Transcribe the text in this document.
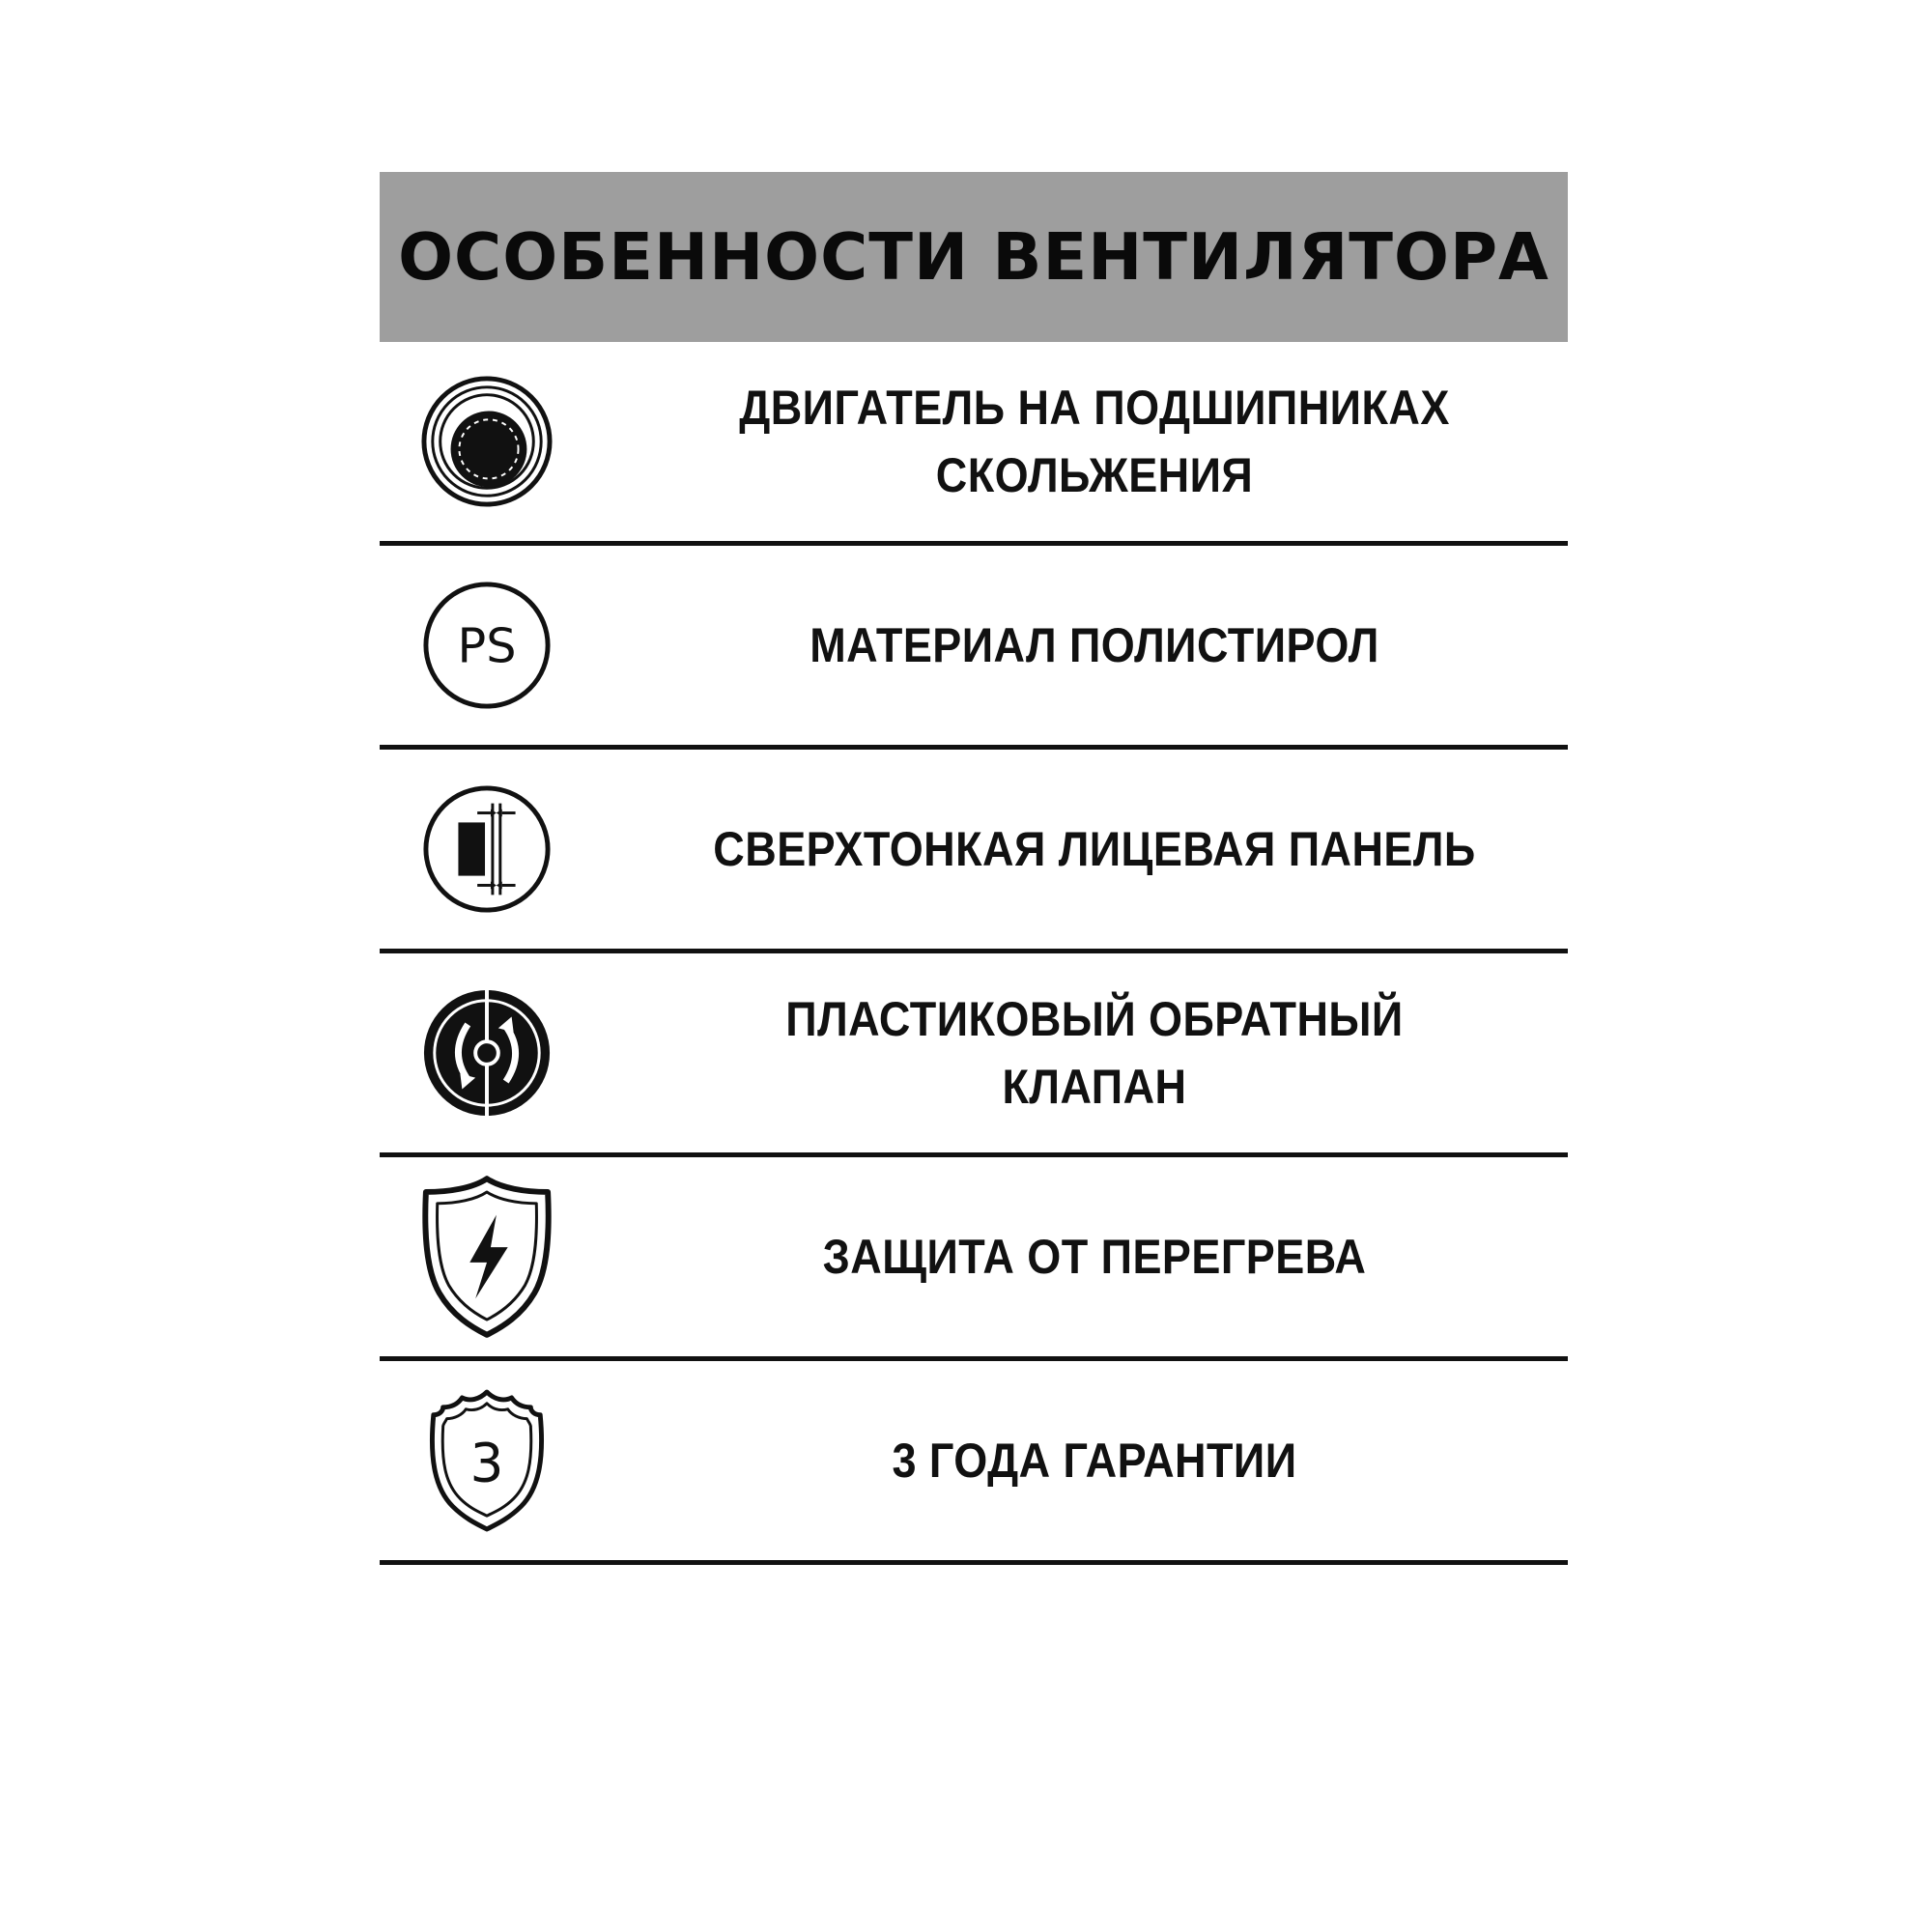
ОСОБЕННОСТИ ВЕНТИЛЯТОРА
ДВИГАТЕЛЬ НА ПОДШИПНИКАХ
СКОЛЬЖЕНИЯ
PS	МАТЕРИАЛ ПОЛИСТИРОЛ
СВЕРХТОНКАЯ ЛИЦЕВАЯ ПАНЕЛЬ
ПЛАСТИКОВЫЙ ОБРАТНЫЙ КЛАПАН
ЗАЩИТА ОТ ПЕРЕГРЕВА
3	3 ГОДА ГАРАНТИИ
